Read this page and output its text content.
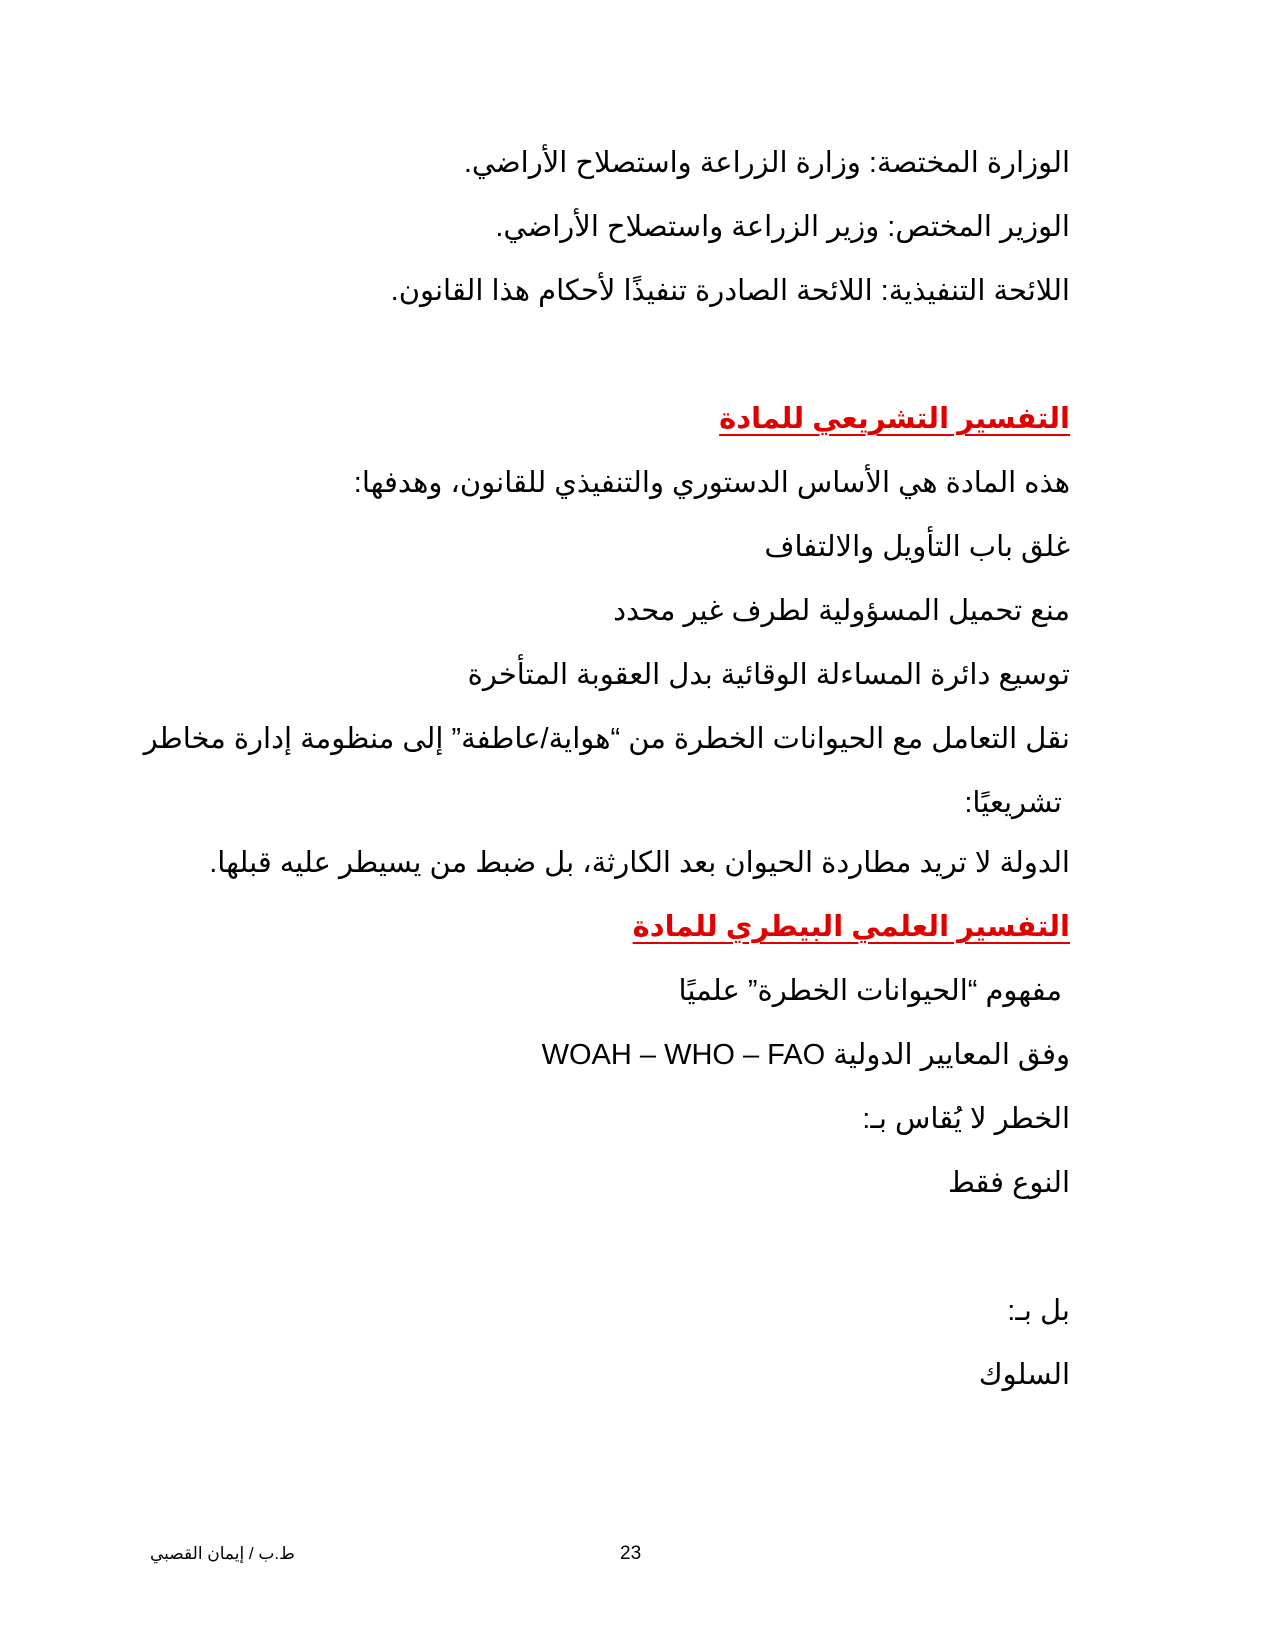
الوزارة المختصة: وزارة الزراعة واستصلاح الأراضي.
الوزير المختص: وزير الزراعة واستصلاح الأراضي.
اللائحة التنفيذية: اللائحة الصادرة تنفيذًا لأحكام هذا القانون.
التفسير التشريعي للمادة
هذه المادة هي الأساس الدستوري والتنفيذي للقانون، وهدفها:
غلق باب التأويل والالتفاف
منع تحميل المسؤولية لطرف غير محدد
توسيع دائرة المساءلة الوقائية بدل العقوبة المتأخرة
نقل التعامل مع الحيوانات الخطرة من “هواية/عاطفة” إلى منظومة إدارة مخاطر
تشريعيًا:
الدولة لا تريد مطاردة الحيوان بعد الكارثة، بل ضبط من يسيطر عليه قبلها.
التفسير العلمي البيطري للمادة
مفهوم “الحيوانات الخطرة” علميًا
وفق المعايير الدولية WOAH – WHO – FAO
الخطر لا يُقاس بـ:
النوع فقط
بل بـ:
السلوك
ط.ب / إيمان القصبي	23
